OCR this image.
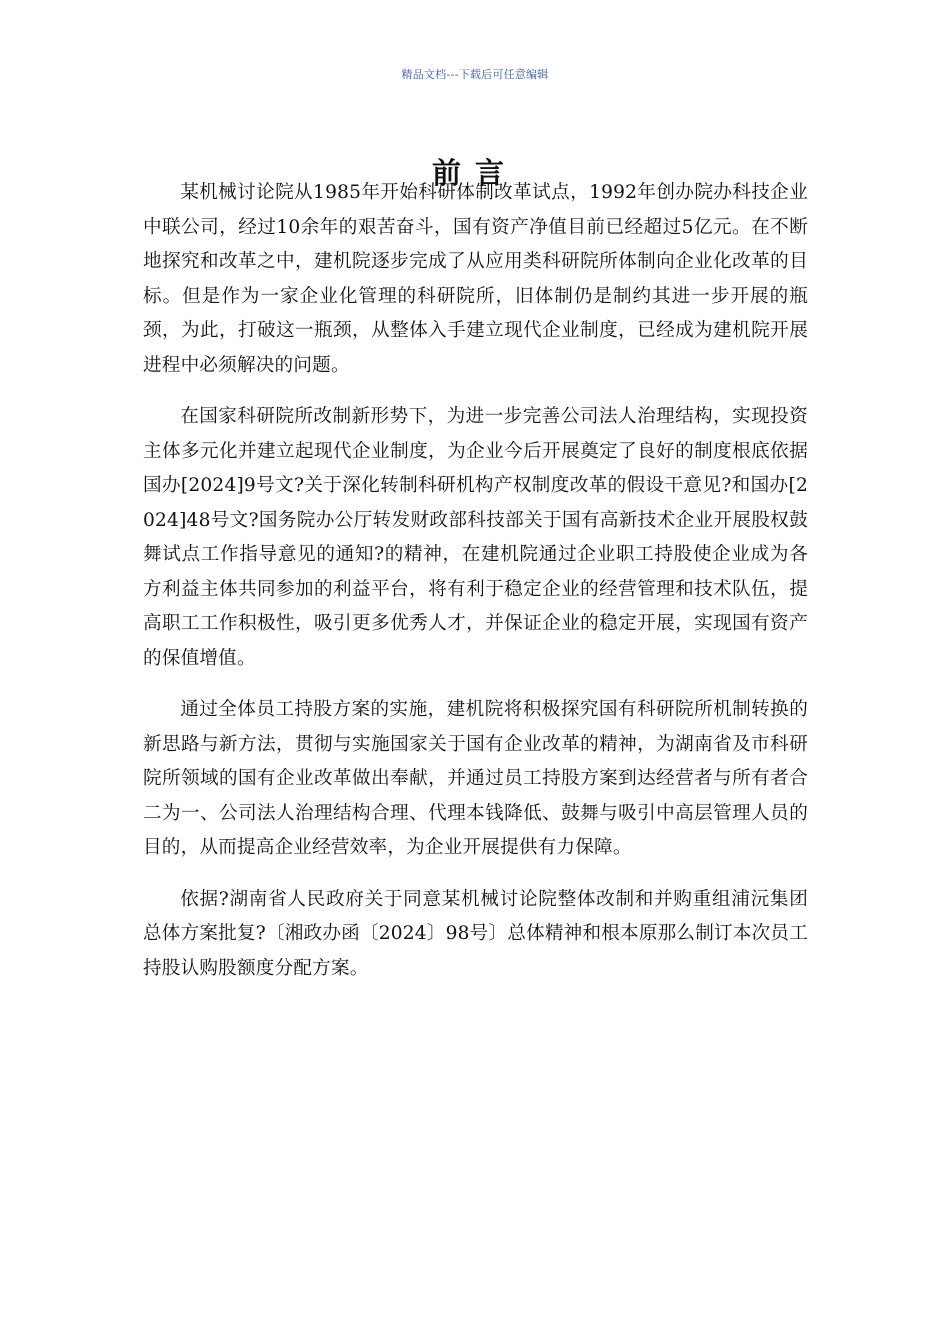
精品文档---下载后可任意编辑
前言

某机械讨论院从1985年开始科研体制改革试点，1992年创办院办科技企业中联公司，经过10余年的艰苦奋斗，国有资产净值目前已经超过5亿元。在不断地探究和改革之中，建机院逐步完成了从应用类科研院所体制向企业化改革的目标。但是作为一家企业化管理的科研院所，旧体制仍是制约其进一步开展的瓶颈，为此，打破这一瓶颈，从整体入手建立现代企业制度，已经成为建机院开展进程中必须解决的问题。

在国家科研院所改制新形势下，为进一步完善公司法人治理结构，实现投资主体多元化并建立起现代企业制度，为企业今后开展奠定了良好的制度根底依据国办[2024]9号文?关于深化转制科研机构产权制度改革的假设干意见?和国办[2024]48号文?国务院办公厅转发财政部科技部关于国有高新技术企业开展股权鼓舞试点工作指导意见的通知?的精神，在建机院通过企业职工持股使企业成为各方利益主体共同参加的利益平台，将有利于稳定企业的经营管理和技术队伍，提高职工工作积极性，吸引更多优秀人才，并保证企业的稳定开展，实现国有资产的保值增值。

通过全体员工持股方案的实施，建机院将积极探究国有科研院所机制转换的新思路与新方法，贯彻与实施国家关于国有企业改革的精神，为湖南省及市科研院所领域的国有企业改革做出奉献，并通过员工持股方案到达经营者与所有者合二为一、公司法人治理结构合理、代理本钱降低、鼓舞与吸引中高层管理人员的目的，从而提高企业经营效率，为企业开展提供有力保障。

依据?湖南省人民政府关于同意某机械讨论院整体改制和并购重组浦沅集团总体方案批复?〔湘政办函〔2024〕98号〕总体精神和根本原那么制订本次员工持股认购股额度分配方案。
